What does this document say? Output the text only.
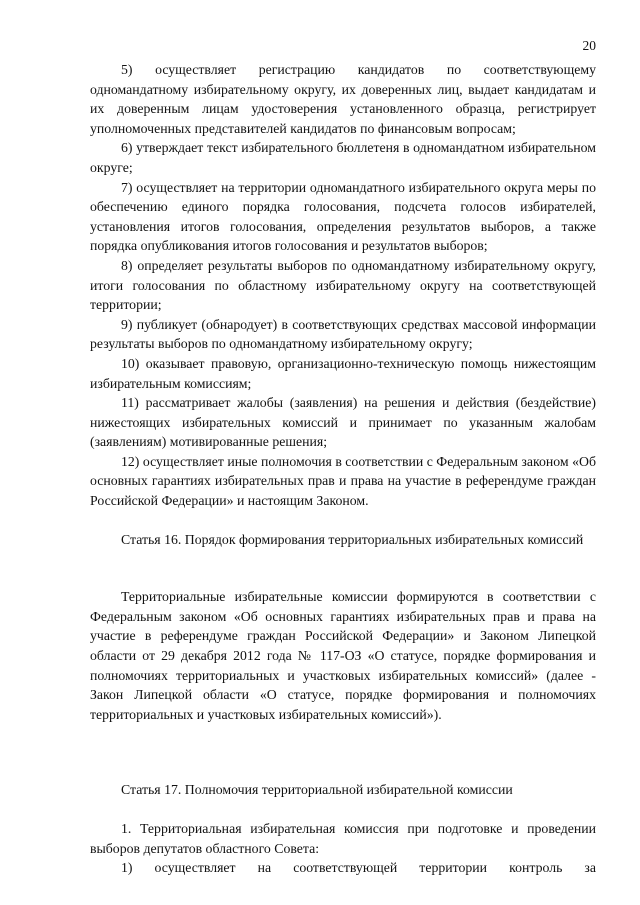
20

5) осуществляет регистрацию кандидатов по соответствующему одномандатному избирательному округу, их доверенных лиц, выдает кандидатам и их доверенным лицам удостоверения установленного образца, регистрирует уполномоченных представителей кандидатов по финансовым вопросам;

6) утверждает текст избирательного бюллетеня в одномандатном избирательном округе;

7) осуществляет на территории одномандатного избирательного округа меры по обеспечению единого порядка голосования, подсчета голосов избирателей, установления итогов голосования, определения результатов выборов, а также порядка опубликования итогов голосования и результатов выборов;

8) определяет результаты выборов по одномандатному избирательному округу, итоги голосования по областному избирательному округу на соответствующей территории;

9) публикует (обнародует) в соответствующих средствах массовой информации результаты выборов по одномандатному избирательному округу;

10) оказывает правовую, организационно-техническую помощь нижестоящим избирательным комиссиям;

11) рассматривает жалобы (заявления) на решения и действия (бездействие) нижестоящих избирательных комиссий и принимает по указанным жалобам (заявлениям) мотивированные решения;

12) осуществляет иные полномочия в соответствии с Федеральным законом «Об основных гарантиях избирательных прав и права на участие в референдуме граждан Российской Федерации» и настоящим Законом.

Статья 16. Порядок формирования территориальных избирательных комиссий

Территориальные избирательные комиссии формируются в соответствии с Федеральным законом «Об основных гарантиях избирательных прав и права на участие в референдуме граждан Российской Федерации» и Законом Липецкой области от 29 декабря 2012 года № 117-ОЗ «О статусе, порядке формирования и полномочиях территориальных и участковых избирательных комиссий» (далее - Закон Липецкой области «О статусе, порядке формирования и полномочиях территориальных и участковых избирательных комиссий»).

Статья 17. Полномочия территориальной избирательной комиссии

1. Территориальная избирательная комиссия при подготовке и проведении выборов депутатов областного Совета:

1) осуществляет на соответствующей территории контроль за
